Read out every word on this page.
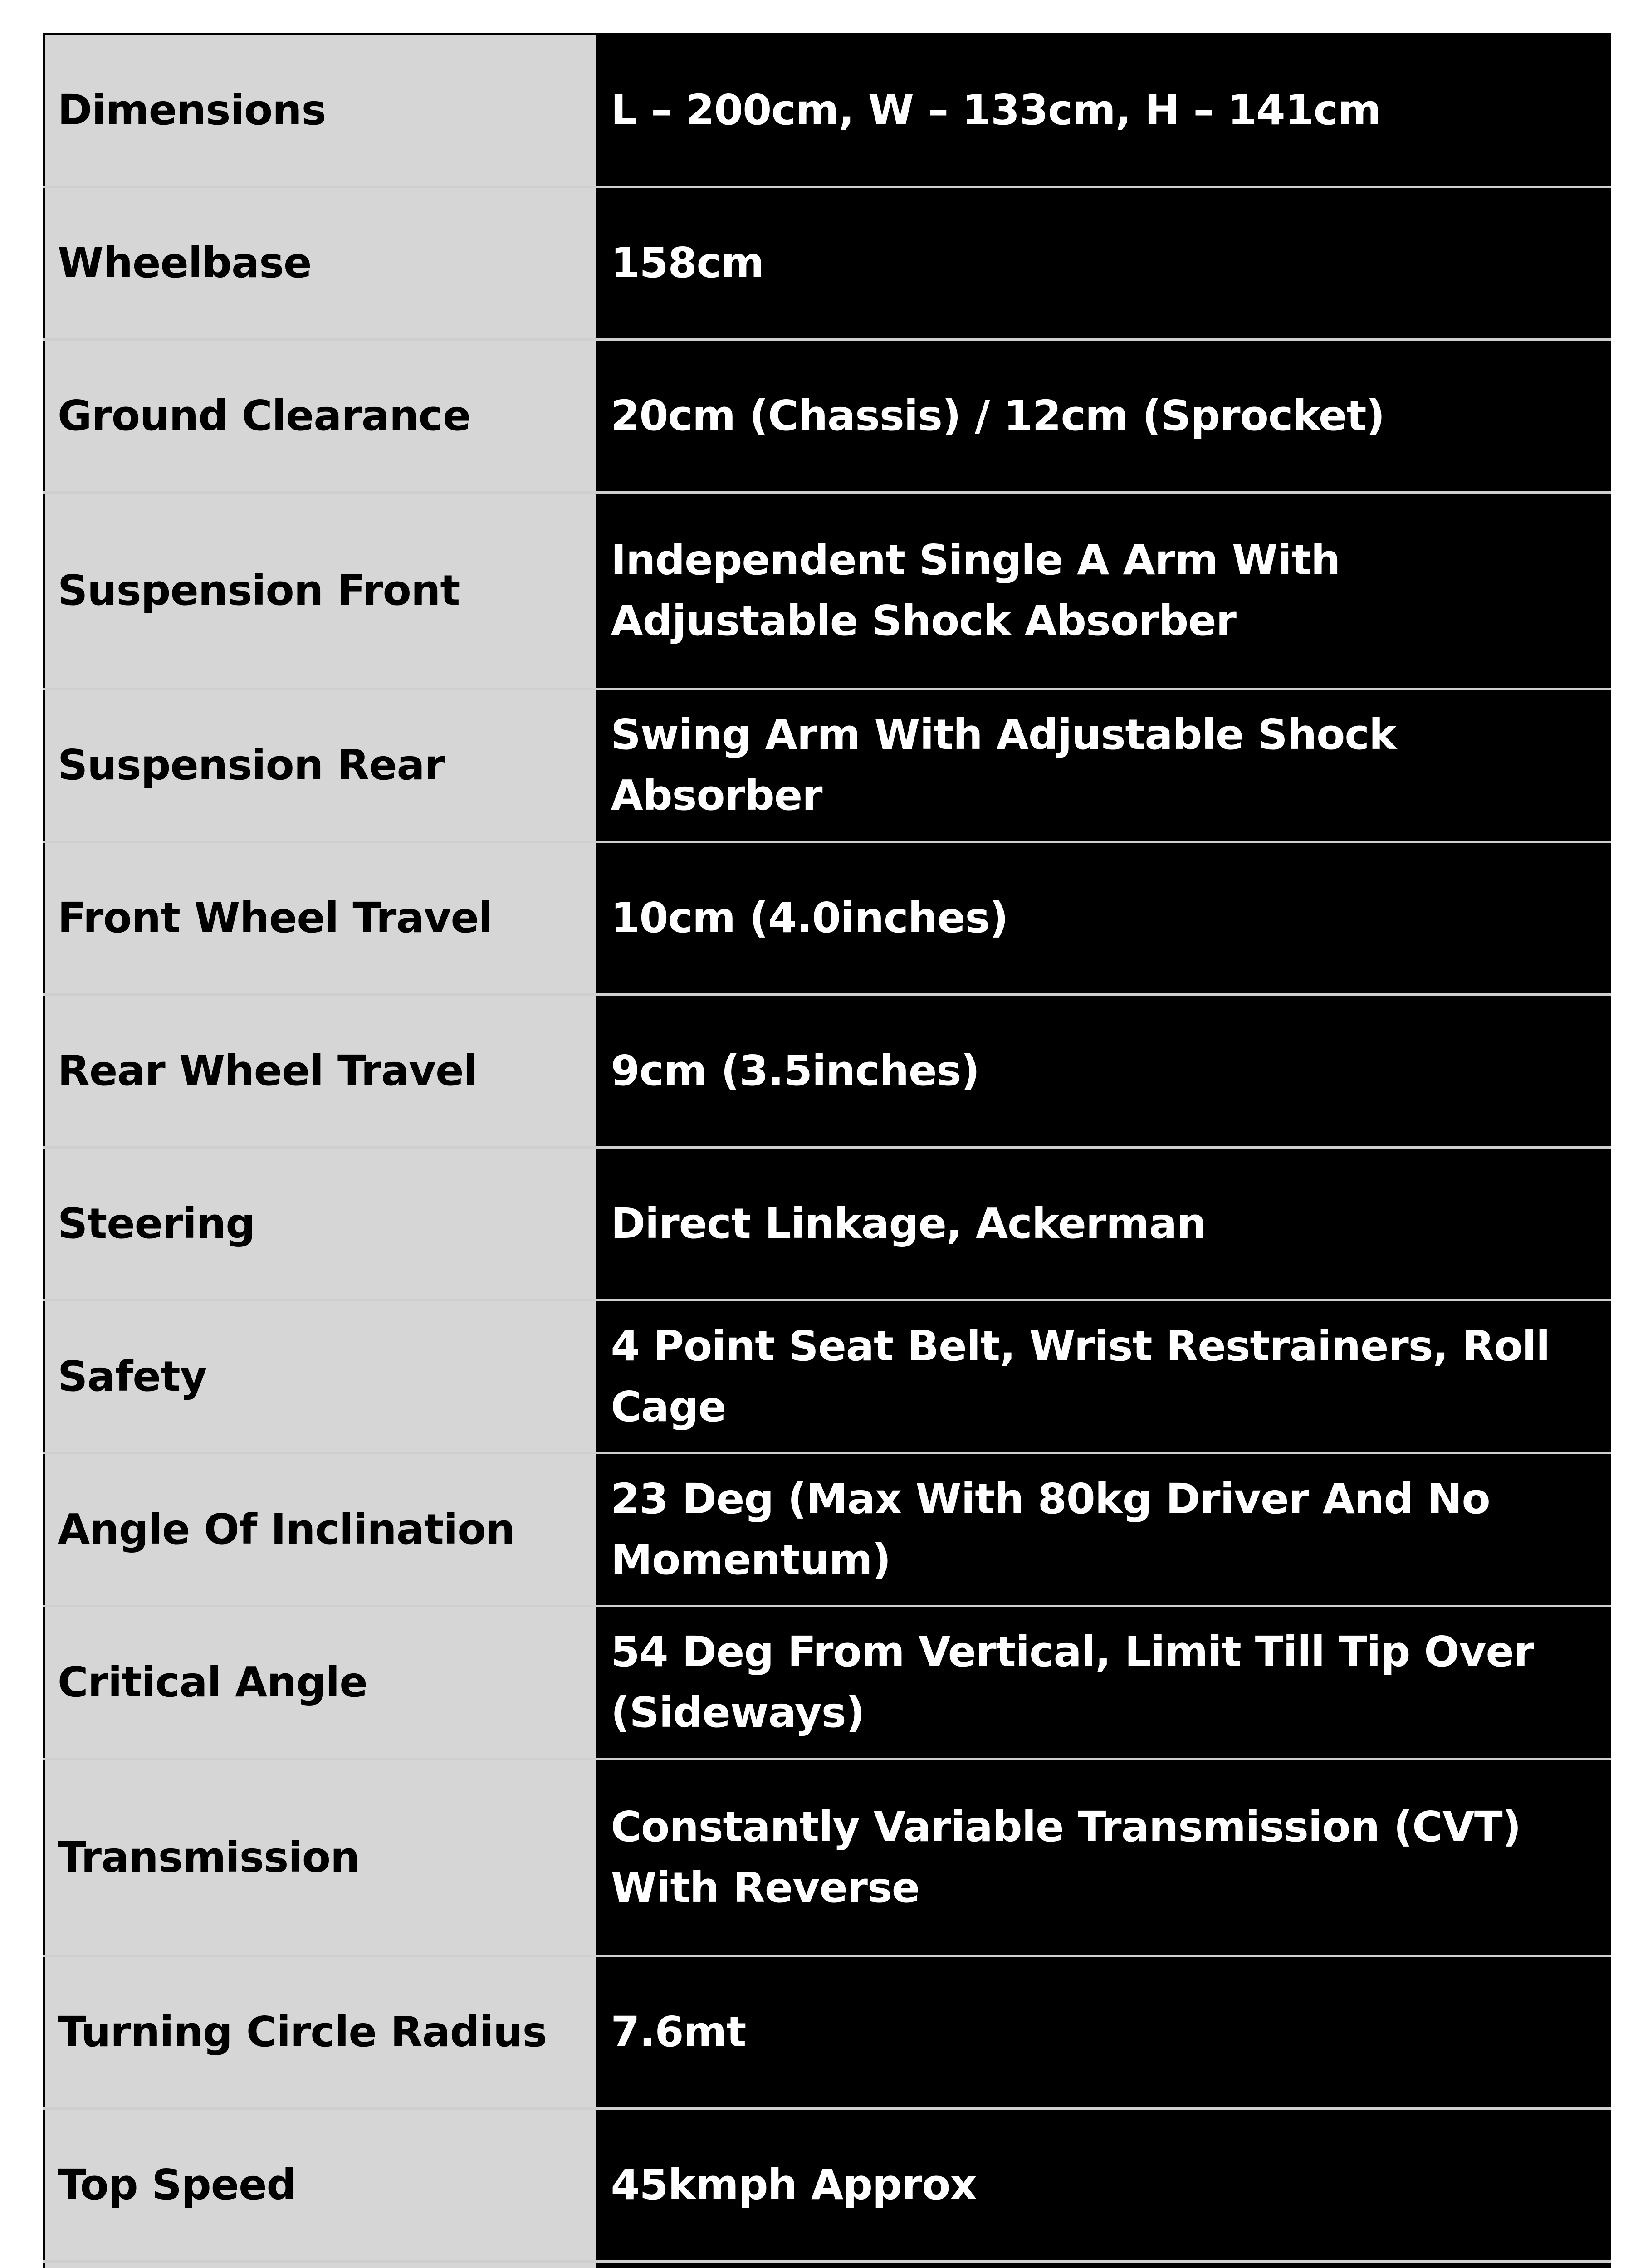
Dimensions	L – 200cm, W – 133cm, H – 141cm
Wheelbase	158cm
Ground Clearance	20cm (Chassis) / 12cm (Sprocket)
Suspension Front	Independent Single A Arm With Adjustable Shock Absorber
Suspension Rear	Swing Arm With Adjustable Shock Absorber
Front Wheel Travel	10cm (4.0inches)
Rear Wheel Travel	9cm (3.5inches)
Steering	Direct Linkage, Ackerman
Safety	4 Point Seat Belt, Wrist Restrainers, Roll Cage
Angle Of Inclination	23 Deg (Max With 80kg Driver And No Momentum)
Critical Angle	54 Deg From Vertical, Limit Till Tip Over (Sideways)
Transmission	Constantly Variable Transmission (CVT) With Reverse
Turning Circle Radius	7.6mt
Top Speed	45kmph Approx
